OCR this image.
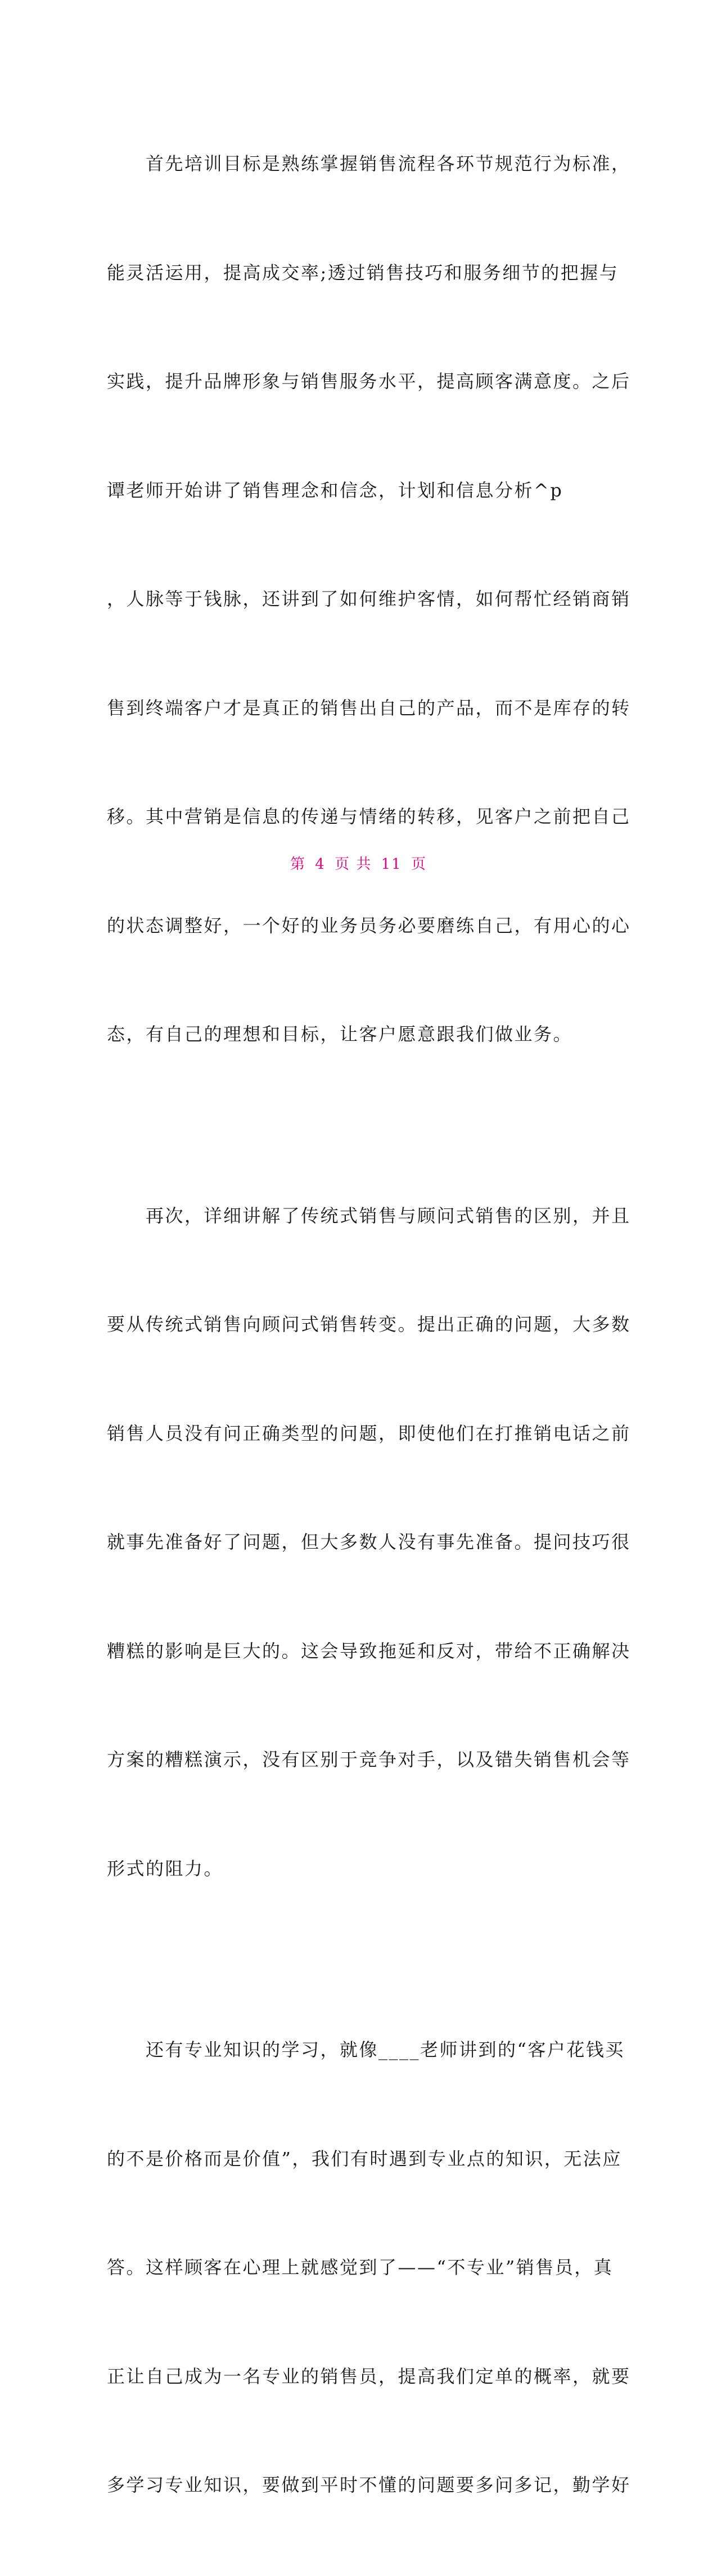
　　首先培训目标是熟练掌握销售流程各环节规范行为标准，

能灵活运用，提高成交率;透过销售技巧和服务细节的把握与

实践，提升品牌形象与销售服务水平，提高顾客满意度。之后

谭老师开始讲了销售理念和信念，计划和信息分析^p

，人脉等于钱脉，还讲到了如何维护客情，如何帮忙经销商销

售到终端客户才是真正的销售出自己的产品，而不是库存的转

移。其中营销是信息的传递与情绪的转移，见客户之前把自己

的状态调整好，一个好的业务员务必要磨练自己，有用心的心

态，有自己的理想和目标，让客户愿意跟我们做业务。

　　再次，详细讲解了传统式销售与顾问式销售的区别，并且

要从传统式销售向顾问式销售转变。提出正确的问题，大多数

销售人员没有问正确类型的问题，即使他们在打推销电话之前

就事先准备好了问题，但大多数人没有事先准备。提问技巧很

糟糕的影响是巨大的。这会导致拖延和反对，带给不正确解决

方案的糟糕演示，没有区别于竞争对手，以及错失销售机会等

形式的阻力。

　　还有专业知识的学习，就像____老师讲到的“客户花钱买

的不是价格而是价值”，我们有时遇到专业点的知识，无法应

答。这样顾客在心理上就感觉到了——“不专业”销售员，真

正让自己成为一名专业的销售员，提高我们定单的概率，就要

多学习专业知识，要做到平时不懂的问题要多问多记，勤学好

第 4 页 共 11 页
